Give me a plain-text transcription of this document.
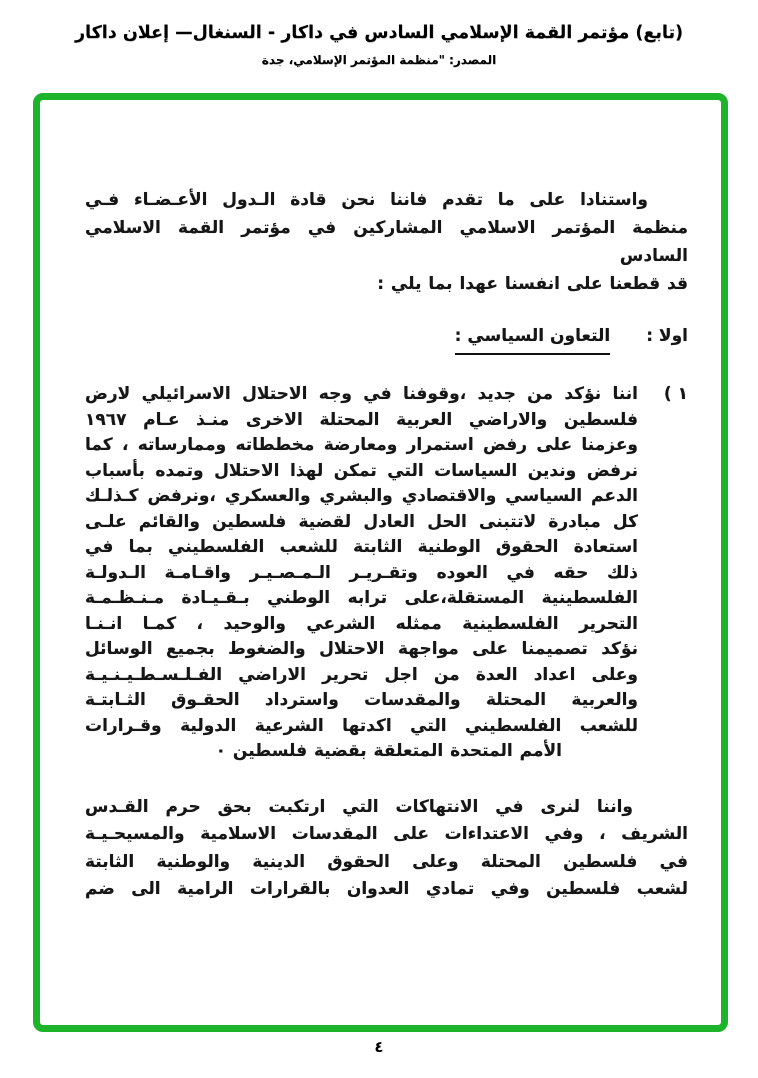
(تابع) مؤتمر القمة الإسلامي السادس في داكار - السنغال— إعلان داكار
المصدر: "منظمة المؤتمر الإسلامي، جدة
واستنادا على ما تقدم فاننا نحن قادة الـدول الأعـضـاء فـي
منظمة المؤتمر الاسلامي المشاركين في مؤتمر القمة الاسلامي السادس
قد قطعنا على انفسنا عهدا بما يلي :
اولا :
التعاون السياسي :
١ )
اننا نؤكد من جديد ،وقوفنا في وجه الاحتلال الاسرائيلي لارض
فلسطين والاراضي العربية المحتلة الاخرى منـذ عـام ١٩٦٧
وعزمنا على رفض استمرار ومعارضة مخططاته وممارساته ، كما
نرفض وندين السياسات التي تمكن لهذا الاحتلال وتمده بأسباب
الدعم السياسي والاقتصادي والبشري والعسكري ،ونرفض كـذلـك
كل مبادرة لاتتبنى الحل العادل لقضية فلسطين والقائم علـى
استعادة الحقوق الوطنية الثابتة للشعب الفلسطيني بما في
ذلك حقه في العوده وتقـريـر الـمـصـيـر واقـامـة الـدولـة
الفلسطينية المستقلة،على ترابه الوطني بـقـيـادة مـنـظـمـة
التحرير الفلسطينية ممثله الشرعي والوحيد ، كمـا انـنـا
نؤكد تصميمنا على مواجهة الاحتلال والضغوط بجميع الوسائل
وعلى اعداد العدة من اجل تحرير الاراضي الفـلـسـطـيـنـيـة
والعربية المحتلة والمقدسات واسترداد الحقـوق الثـابتـة
للشعب الفلسطيني التي اكدتها الشرعية الدولية وقـرارات
الأمم المتحدة المتعلقة بقضية فلسطين ٠
واننا لنرى في الانتهاكات التي ارتكبت بحق حرم القـدس
الشريف ، وفي الاعتداءات على المقدسات الاسلامية والمسيحـيـة
في فلسطين المحتلة وعلى الحقوق الدينية والوطنية الثابتة
لشعب فلسطين وفي تمادي العدوان بالقرارات الرامية الى ضم
٤
